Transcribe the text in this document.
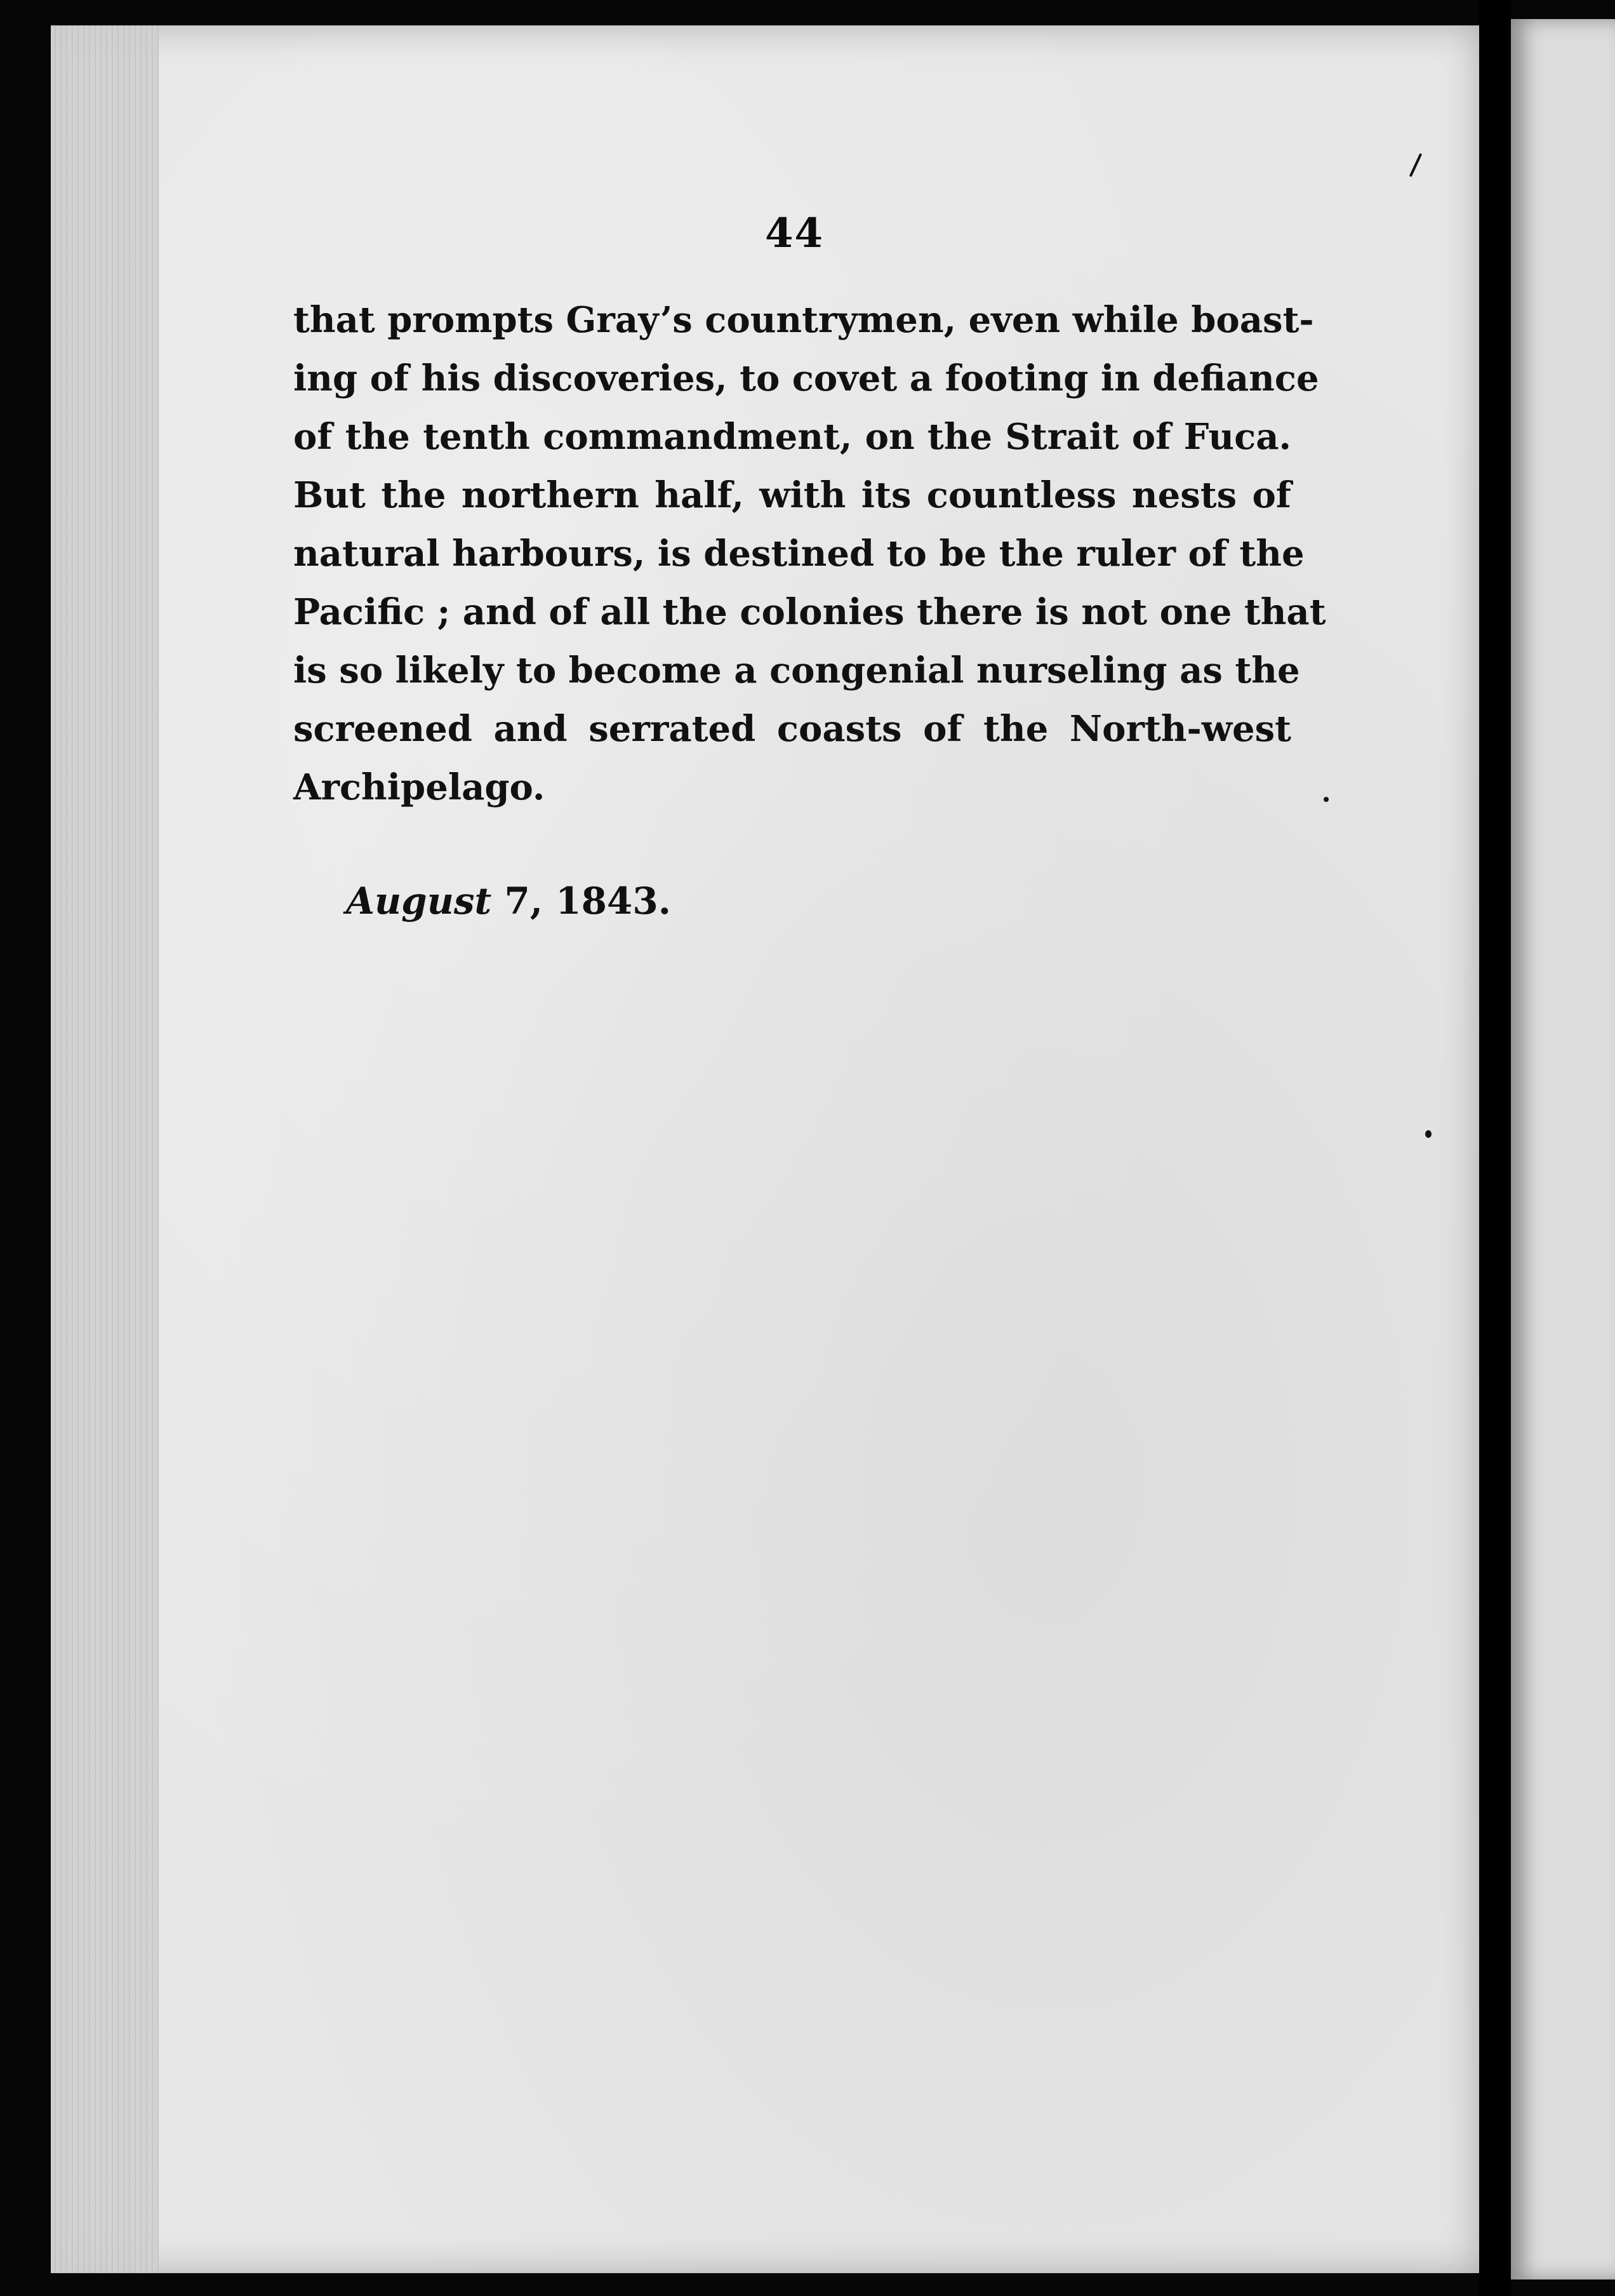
44
that prompts Gray’s countrymen, even while boast-
ing of his discoveries, to covet a footing in defiance
of the tenth commandment, on the Strait of Fuca.
But the northern half, with its countless nests of
natural harbours, is destined to be the ruler of the
Pacific ; and of all the colonies there is not one that
is so likely to become a congenial nurseling as the
screened and serrated coasts of the North-west
Archipelago.
August 7, 1843.
